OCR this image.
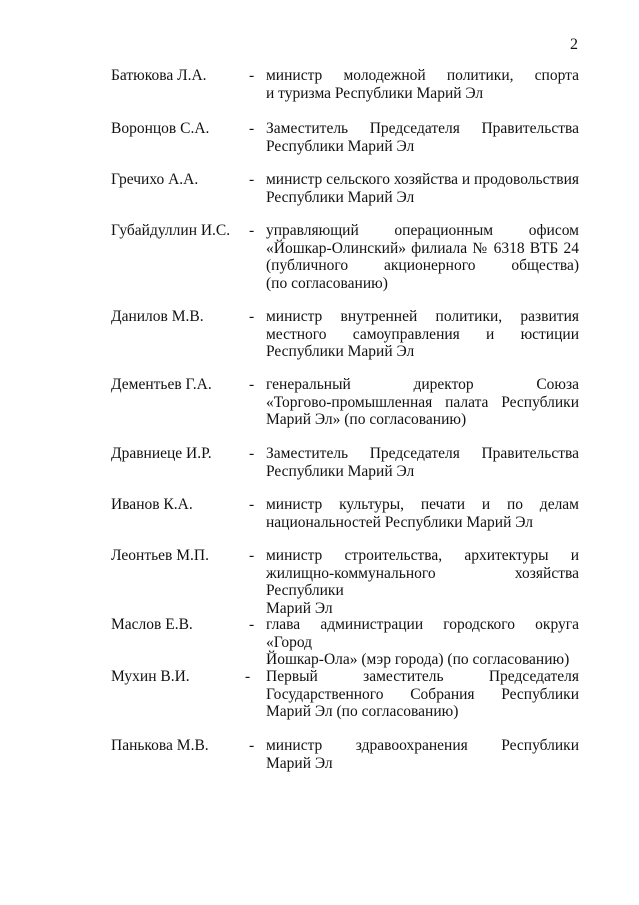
2
Батюкова Л.А.	- министр молодежной политики, спорта
и туризма Республики Марий Эл
Воронцов С.А.	- Заместитель Председателя Правительства
Республики Марий Эл
Гречихо А.А.	- министр сельского хозяйства и продовольствия
Республики Марий Эл
Губайдуллин И.С. - управляющий операционным офисом
«Йошкар-Олинский» филиала № 6318 ВТБ 24
(публичного акционерного общества)
(по согласованию)
Данилов М.В.	- министр внутренней политики, развития
местного самоуправления и юстиции
Республики Марий Эл
Дементьев Г.А. - генеральный директор Союза
«Торгово-промышленная палата Республики
Марий Эл» (по согласованию)
Дравниеце И.Р. - Заместитель Председателя Правительства
Республики Марий Эл
Иванов К.А.	- министр культуры, печати и по делам
национальностей Республики Марий Эл
Леонтьев М.П.	- министр строительства, архитектуры и
жилищно-коммунального хозяйства Республики
Марий Эл
Маслов Е.В.	- глава администрации городского округа «Город
Йошкар-Ола» (мэр города) (по согласованию)
Мухин В.И.	- Первый заместитель Председателя
Государственного Собрания Республики
Марий Эл (по согласованию)
Панькова М.В.	- министр здравоохранения Республики
Марий Эл
